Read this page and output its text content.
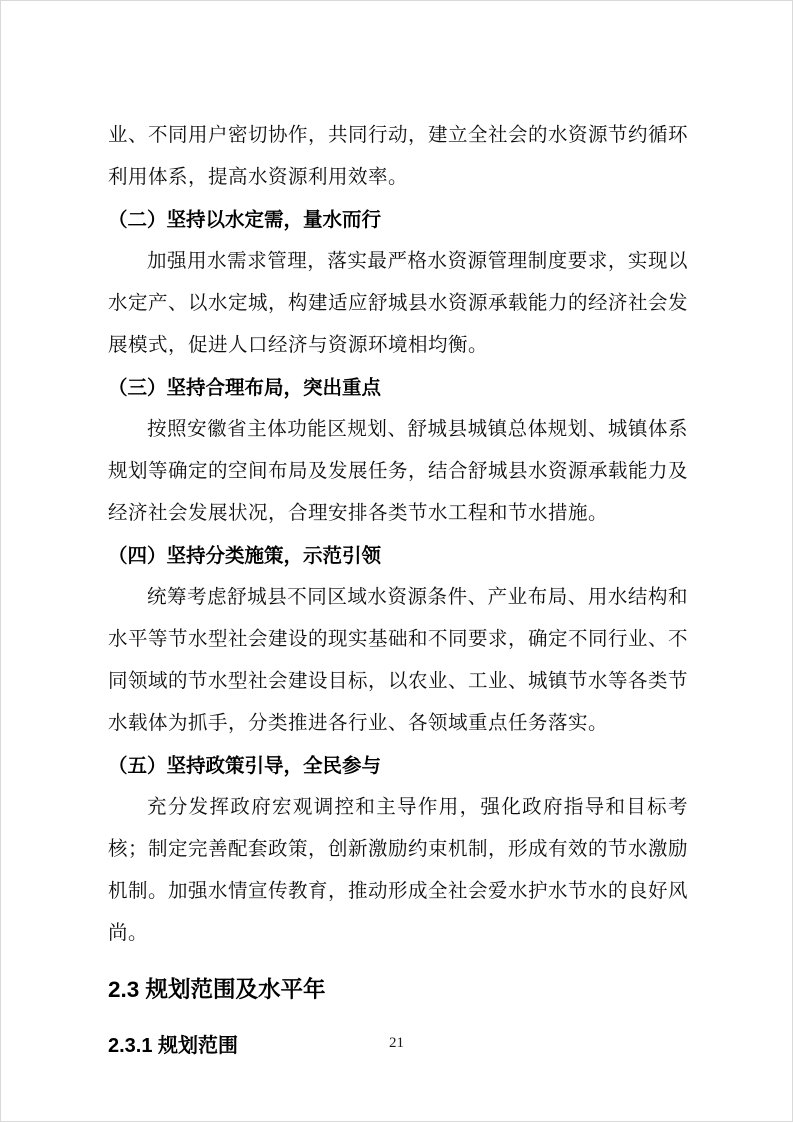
业、不同用户密切协作，共同行动，建立全社会的水资源节约循环利用体系，提高水资源利用效率。

（二）坚持以水定需，量水而行

加强用水需求管理，落实最严格水资源管理制度要求，实现以水定产、以水定城，构建适应舒城县水资源承载能力的经济社会发展模式，促进人口经济与资源环境相均衡。

（三）坚持合理布局，突出重点

按照安徽省主体功能区规划、舒城县城镇总体规划、城镇体系规划等确定的空间布局及发展任务，结合舒城县水资源承载能力及经济社会发展状况，合理安排各类节水工程和节水措施。

（四）坚持分类施策，示范引领

统筹考虑舒城县不同区域水资源条件、产业布局、用水结构和水平等节水型社会建设的现实基础和不同要求，确定不同行业、不同领域的节水型社会建设目标，以农业、工业、城镇节水等各类节水载体为抓手，分类推进各行业、各领域重点任务落实。

（五）坚持政策引导，全民参与

充分发挥政府宏观调控和主导作用，强化政府指导和目标考核；制定完善配套政策，创新激励约束机制，形成有效的节水激励机制。加强水情宣传教育，推动形成全社会爱水护水节水的良好风尚。

2.3 规划范围及水平年
2.3.1 规划范围	21
